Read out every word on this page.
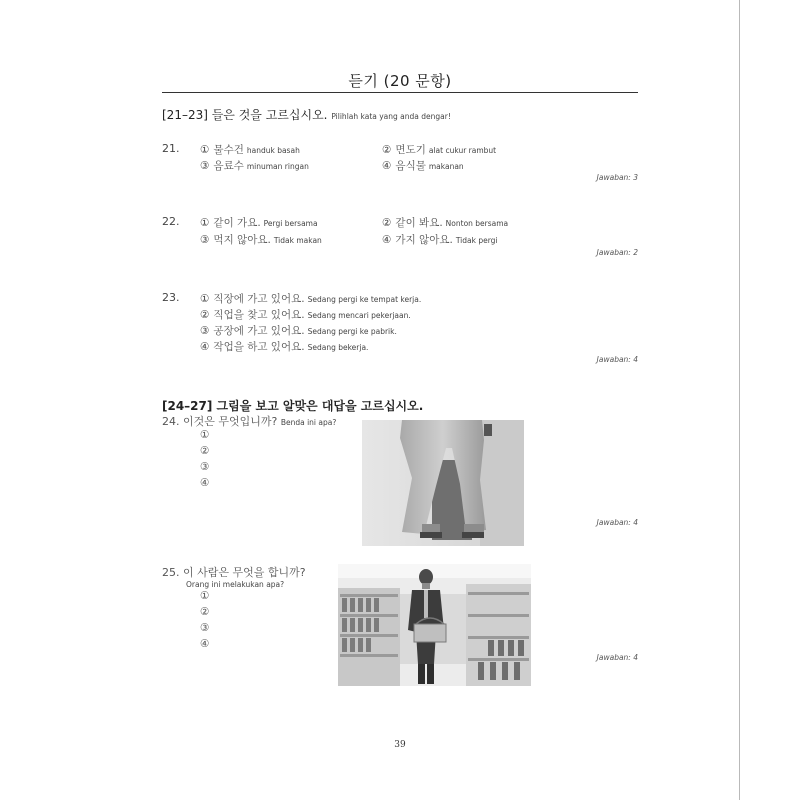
듣기 (20 문항)
[21–23] 들은 것을 고르십시오. Pilihlah kata yang anda dengar!
21. ① 물수건 handuk basah	② 면도기 alat cukur rambut
③ 음료수 minuman ringan	④ 음식물 makanan
Jawaban: 3
22. ① 같이 가요. Pergi bersama	② 같이 봐요. Nonton bersama
③ 먹지 않아요. Tidak makan	④ 가지 않아요. Tidak pergi
Jawaban: 2
23. ① 직장에 가고 있어요. Sedang pergi ke tempat kerja.
② 직업을 찾고 있어요. Sedang mencari pekerjaan.
③ 공장에 가고 있어요. Sedang pergi ke pabrik.
④ 작업을 하고 있어요. Sedang bekerja.
Jawaban: 4
[24–27] 그림을 보고 알맞은 대답을 고르십시오.
24. 이것은 무엇입니까? Benda ini apa?
①
②
③
④
Jawaban: 4
25. 이 사람은 무엇을 합니까?
Orang ini melakukan apa?
①
②
③
④
Jawaban: 4
39
